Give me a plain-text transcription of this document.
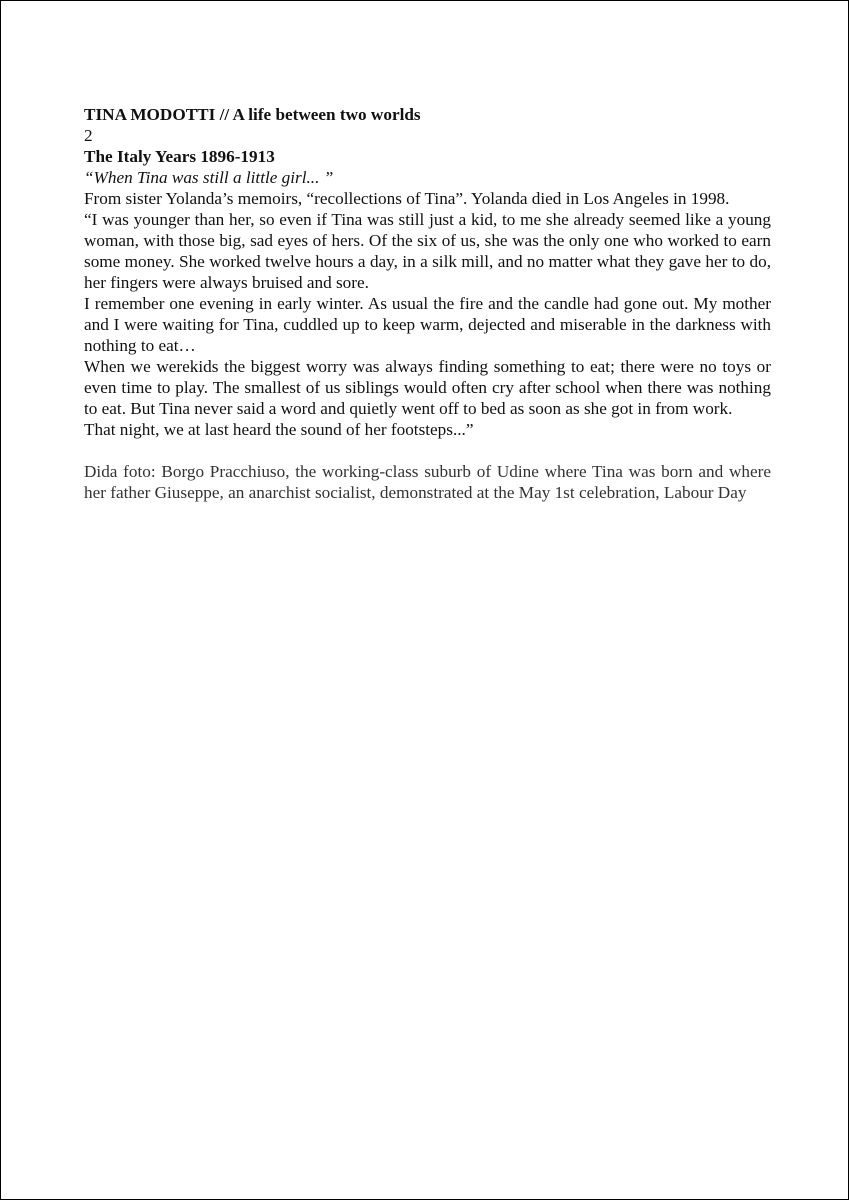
TINA MODOTTI // A life between two worlds

2

The Italy Years 1896-1913

“When Tina was still a little girl... ”

From sister Yolanda’s memoirs, “recollections of Tina”. Yolanda died in Los Angeles in 1998.

“I was younger than her, so even if Tina was still just a kid, to me she already seemed like a young woman, with those big, sad eyes of hers. Of the six of us, she was the only one who worked to earn some money. She worked twelve hours a day, in a silk mill, and no matter what they gave her to do, her fingers were always bruised and sore.

I remember one evening in early winter. As usual the fire and the candle had gone out. My mother and I were waiting for Tina, cuddled up to keep warm, dejected and miserable in the darkness with nothing to eat…

When we werekids the biggest worry was always finding something to eat; there were no toys or even time to play. The smallest of us siblings would often cry after school when there was nothing to eat. But Tina never said a word and quietly went off to bed as soon as she got in from work.

That night, we at last heard the sound of her footsteps...”

Dida foto: Borgo Pracchiuso, the working-class suburb of Udine where Tina was born and where her father Giuseppe, an anarchist socialist, demonstrated at the May 1st celebration, Labour Day
